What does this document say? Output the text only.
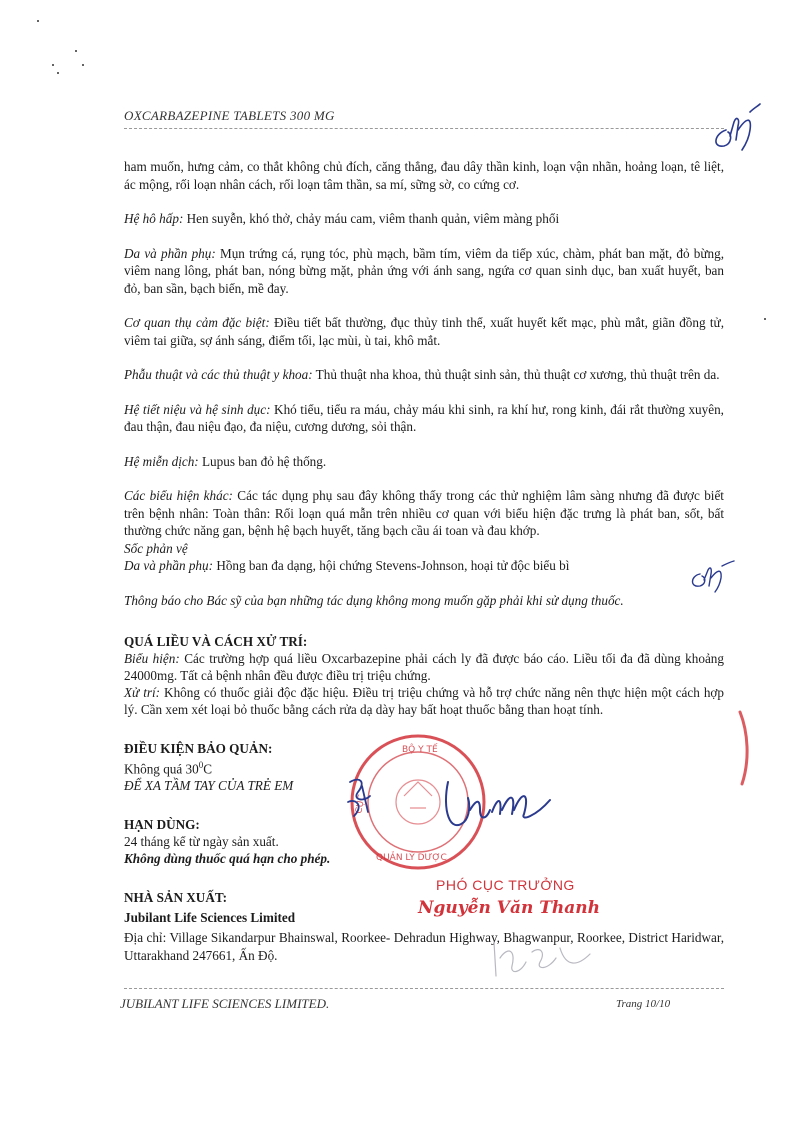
OXCARBAZEPINE TABLETS 300 MG

ham muốn, hưng cảm, co thắt không chủ đích, căng thẳng, đau dây thần kinh, loạn vận nhãn, hoảng loạn, tê liệt, ác mộng, rối loạn nhân cách, rối loạn tâm thần, sa mí, sững sờ, co cứng cơ.

Hệ hô hấp: Hen suyễn, khó thở, chảy máu cam, viêm thanh quản, viêm màng phổi

Da và phần phụ: Mụn trứng cá, rụng tóc, phù mạch, bầm tím, viêm da tiếp xúc, chàm, phát ban mặt, đỏ bừng, viêm nang lông, phát ban, nóng bừng mặt, phản ứng với ánh sang, ngứa cơ quan sinh dục, ban xuất huyết, ban đỏ, ban sần, bạch biến, mề đay.

Cơ quan thụ cảm đặc biệt: Điều tiết bất thường, đục thủy tinh thể, xuất huyết kết mạc, phù mắt, giãn đồng tử, viêm tai giữa, sợ ánh sáng, điểm tối, lạc mùi, ù tai, khô mắt.

Phẫu thuật và các thủ thuật y khoa: Thủ thuật nha khoa, thủ thuật sinh sản, thủ thuật cơ xương, thủ thuật trên da.

Hệ tiết niệu và hệ sinh dục: Khó tiểu, tiểu ra máu, chảy máu khi sinh, ra khí hư, rong kinh, đái rắt thường xuyên, đau thận, đau niệu đạo, đa niệu, cương dương, sỏi thận.

Hệ miễn dịch: Lupus ban đỏ hệ thống.

Các biểu hiện khác: Các tác dụng phụ sau đây không thấy trong các thử nghiệm lâm sàng nhưng đã được biết trên bệnh nhân: Toàn thân: Rối loạn quá mẫn trên nhiều cơ quan với biểu hiện đặc trưng là phát ban, sốt, bất thường chức năng gan, bệnh hệ bạch huyết, tăng bạch cầu ái toan và đau khớp.

Sốc phản vệ

Da và phần phụ: Hồng ban đa dạng, hội chứng Stevens-Johnson, hoại tử độc biểu bì

Thông báo cho Bác sỹ của bạn những tác dụng không mong muốn gặp phải khi sử dụng thuốc.

QUÁ LIỀU VÀ CÁCH XỬ TRÍ:

Biểu hiện: Các trường hợp quá liều Oxcarbazepine phải cách ly đã được báo cáo. Liều tối đa đã dùng khoảng 24000mg. Tất cả bệnh nhân đều được điều trị triệu chứng.

Xử trí: Không có thuốc giải độc đặc hiệu. Điều trị triệu chứng và hỗ trợ chức năng nên thực hiện một cách hợp lý. Cần xem xét loại bỏ thuốc bằng cách rửa dạ dày hay bất hoạt thuốc bằng than hoạt tính.

ĐIỀU KIỆN BẢO QUẢN:

Không quá $30^0C$

ĐỂ XA TẦM TAY CỦA TRẺ EM

HẠN DÙNG:

24 tháng kể từ ngày sản xuất.

Không dùng thuốc quá hạn cho phép.

NHÀ SẢN XUẤT:

Jubilant Life Sciences Limited

Địa chỉ: Village Sikandarpur Bhainswal, Roorkee- Dehradun Highway, Bhagwanpur, Roorkee, District Haridwar, Uttarakhand 247661, Ấn Độ.

BỘ Y TẾ
CỤC
QUẢN LÝ DƯỢC
PHÓ CỤC TRƯỞNG
Nguyễn Văn Thanh
JUBILANT LIFE SCIENCES LIMITED.	Trang 10/10
